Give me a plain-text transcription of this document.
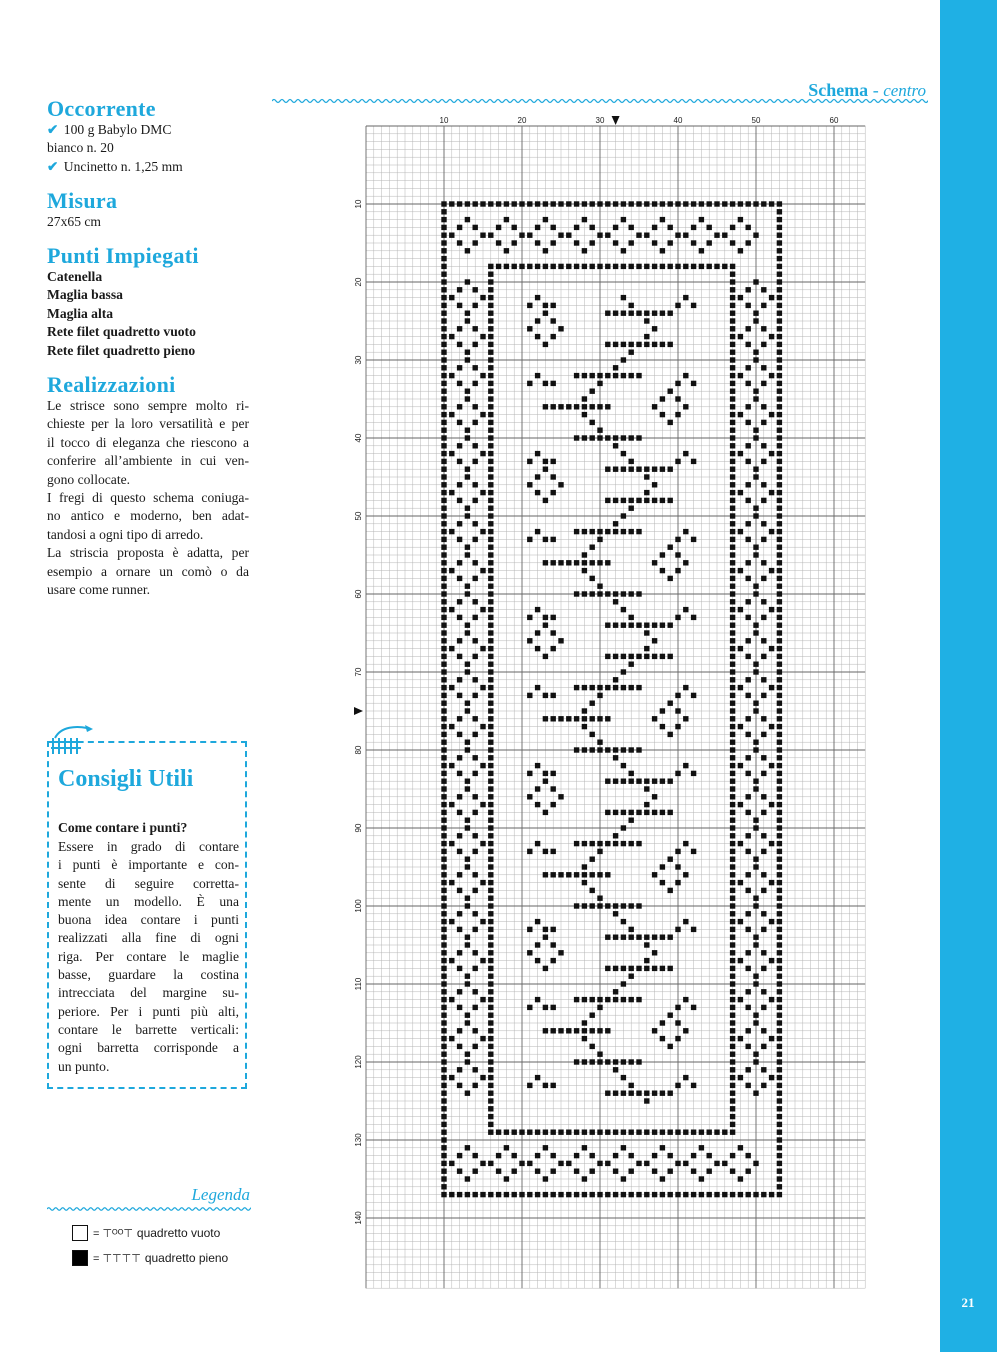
21
Occorrente
✔ 100 g Babylo DMC
bianco n. 20
✔ Uncinetto n. 1,25 mm
Misura
27x65 cm
Punti Impiegati
Catenella
Maglia bassa
Maglia alta
Rete filet quadretto vuoto
Rete filet quadretto pieno
Realizzazioni
Le strisce sono sempre molto ri-
chieste per la loro versatilità e per
il tocco di eleganza che riescono a
conferire all’ambiente in cui ven-
gono collocate.
I fregi di questo schema coniuga-
no antico e moderno, ben adat-
tandosi a ogni tipo di arredo.
La striscia proposta è adatta, per
esempio a ornare un comò o da
usare come runner.
Schema - centro
10	20	30	40	50	60
10
20
30
40
50
60
70
80
90
100
110
120
130
140
Consigli Utili
Come contare i punti?
Essere in grado di contare
i punti è importante e con-
sente di seguire corretta-
mente un modello. È una
buona idea contare i punti
realizzati alla fine di ogni
riga. Per contare le maglie
basse, guardare la costina
intrecciata del margine su-
periore. Per i punti più alti,
contare le barrette verticali:
ogni barretta corrisponde a
un punto.
Legenda
= ⊤ᴼᴼ⊤ quadretto vuoto
= ⊤⊤⊤⊤ quadretto pieno
